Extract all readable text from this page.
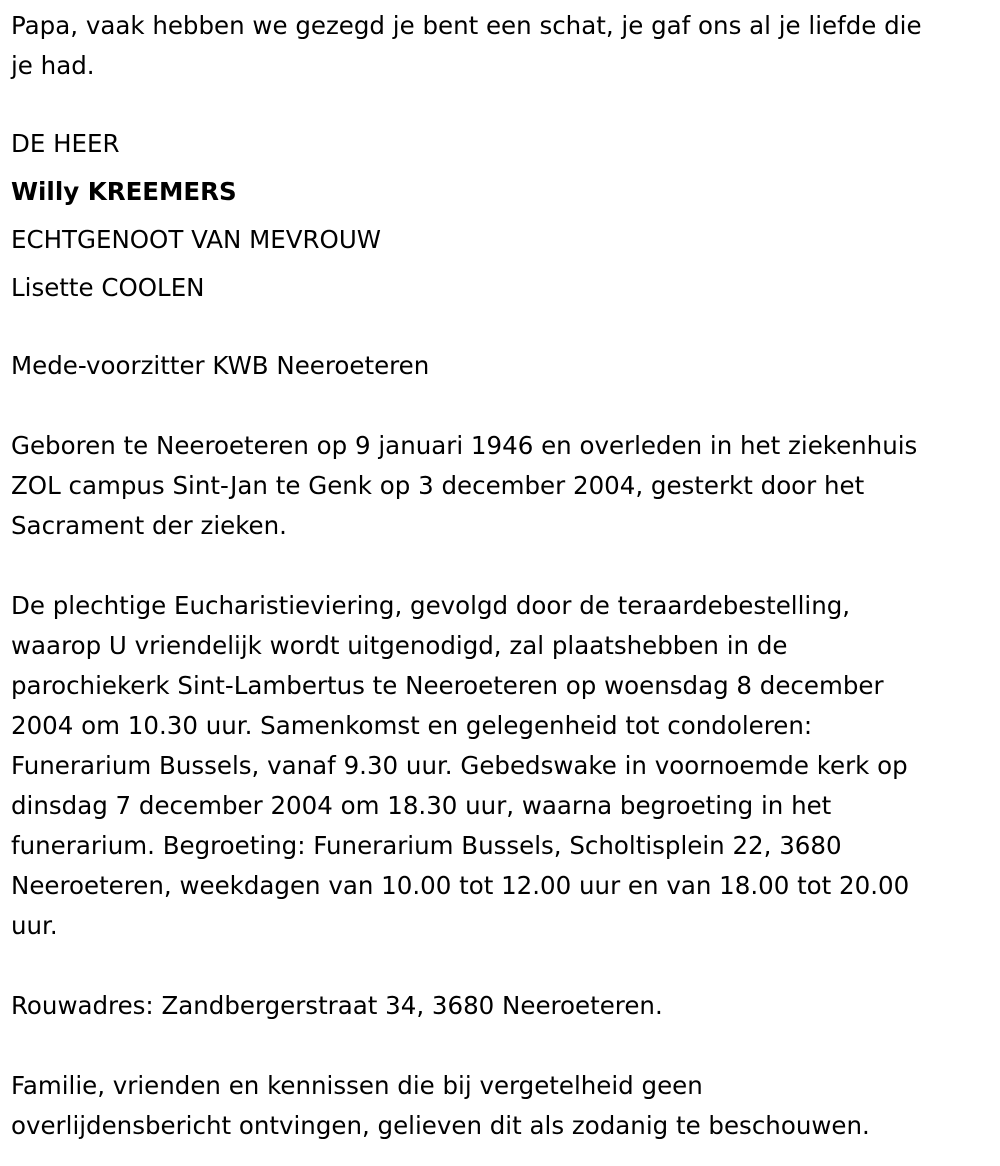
Papa, vaak hebben we gezegd je bent een schat, je gaf ons al je liefde die
je had.
DE HEER
Willy KREEMERS
ECHTGENOOT VAN MEVROUW
Lisette COOLEN
Mede-voorzitter KWB Neeroeteren
Geboren te Neeroeteren op 9 januari 1946 en overleden in het ziekenhuis
ZOL campus Sint-Jan te Genk op 3 december 2004, gesterkt door het
Sacrament der zieken.
De plechtige Eucharistieviering, gevolgd door de teraardebestelling,
waarop U vriendelijk wordt uitgenodigd, zal plaatshebben in de
parochiekerk Sint-Lambertus te Neeroeteren op woensdag 8 december
2004 om 10.30 uur. Samenkomst en gelegenheid tot condoleren:
Funerarium Bussels, vanaf 9.30 uur. Gebedswake in voornoemde kerk op
dinsdag 7 december 2004 om 18.30 uur, waarna begroeting in het
funerarium. Begroeting: Funerarium Bussels, Scholtisplein 22, 3680
Neeroeteren, weekdagen van 10.00 tot 12.00 uur en van 18.00 tot 20.00
uur.
Rouwadres: Zandbergerstraat 34, 3680 Neeroeteren.
Familie, vrienden en kennissen die bij vergetelheid geen
overlijdensbericht ontvingen, gelieven dit als zodanig te beschouwen.
